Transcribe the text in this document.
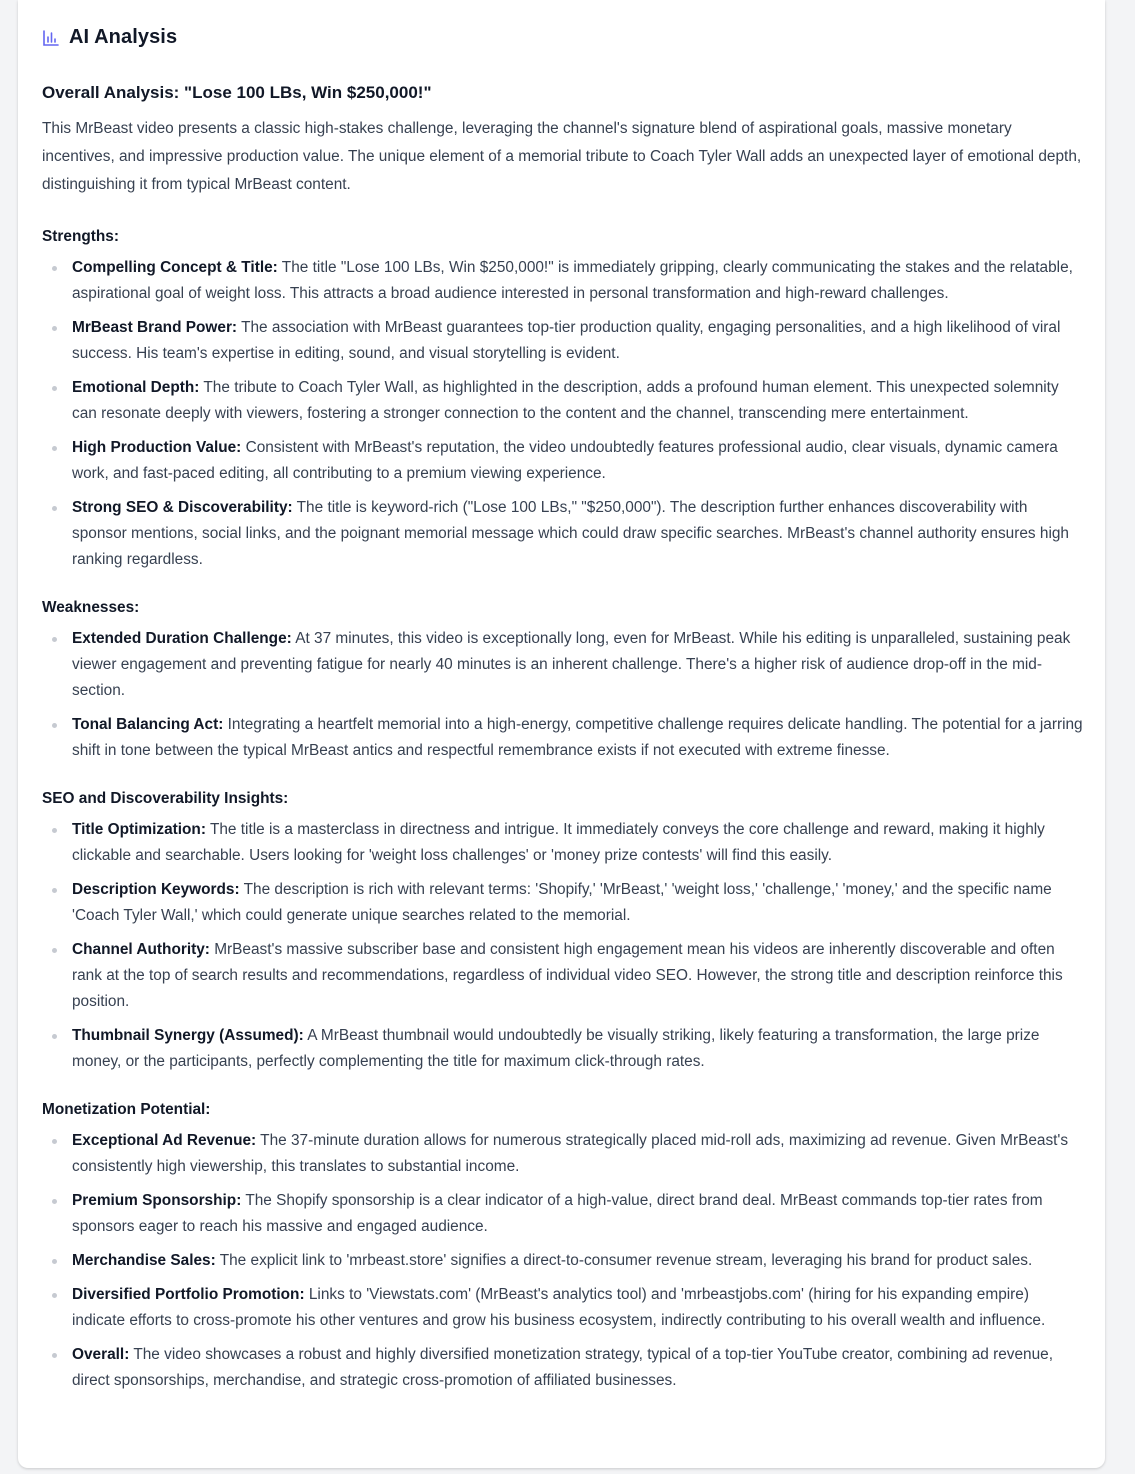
AI Analysis
Overall Analysis: "Lose 100 LBs, Win $250,000!"

This MrBeast video presents a classic high-stakes challenge, leveraging the channel's signature blend of aspirational goals, massive monetary incentives, and impressive production value. The unique element of a memorial tribute to Coach Tyler Wall adds an unexpected layer of emotional depth, distinguishing it from typical MrBeast content.

Strengths:
Compelling Concept & Title: The title "Lose 100 LBs, Win $250,000!" is immediately gripping, clearly communicating the stakes and the relatable, aspirational goal of weight loss. This attracts a broad audience interested in personal transformation and high-reward challenges.
MrBeast Brand Power: The association with MrBeast guarantees top-tier production quality, engaging personalities, and a high likelihood of viral success. His team's expertise in editing, sound, and visual storytelling is evident.
Emotional Depth: The tribute to Coach Tyler Wall, as highlighted in the description, adds a profound human element. This unexpected solemnity can resonate deeply with viewers, fostering a stronger connection to the content and the channel, transcending mere entertainment.
High Production Value: Consistent with MrBeast's reputation, the video undoubtedly features professional audio, clear visuals, dynamic camera work, and fast-paced editing, all contributing to a premium viewing experience.
Strong SEO & Discoverability: The title is keyword-rich ("Lose 100 LBs," "$250,000"). The description further enhances discoverability with sponsor mentions, social links, and the poignant memorial message which could draw specific searches. MrBeast's channel authority ensures high ranking regardless.
Weaknesses:
Extended Duration Challenge: At 37 minutes, this video is exceptionally long, even for MrBeast. While his editing is unparalleled, sustaining peak viewer engagement and preventing fatigue for nearly 40 minutes is an inherent challenge. There's a higher risk of audience drop-off in the mid-section.
Tonal Balancing Act: Integrating a heartfelt memorial into a high-energy, competitive challenge requires delicate handling. The potential for a jarring shift in tone between the typical MrBeast antics and respectful remembrance exists if not executed with extreme finesse.
SEO and Discoverability Insights:
Title Optimization: The title is a masterclass in directness and intrigue. It immediately conveys the core challenge and reward, making it highly clickable and searchable. Users looking for 'weight loss challenges' or 'money prize contests' will find this easily.
Description Keywords: The description is rich with relevant terms: 'Shopify,' 'MrBeast,' 'weight loss,' 'challenge,' 'money,' and the specific name 'Coach Tyler Wall,' which could generate unique searches related to the memorial.
Channel Authority: MrBeast's massive subscriber base and consistent high engagement mean his videos are inherently discoverable and often rank at the top of search results and recommendations, regardless of individual video SEO. However, the strong title and description reinforce this position.
Thumbnail Synergy (Assumed): A MrBeast thumbnail would undoubtedly be visually striking, likely featuring a transformation, the large prize money, or the participants, perfectly complementing the title for maximum click-through rates.
Monetization Potential:
Exceptional Ad Revenue: The 37-minute duration allows for numerous strategically placed mid-roll ads, maximizing ad revenue. Given MrBeast's consistently high viewership, this translates to substantial income.
Premium Sponsorship: The Shopify sponsorship is a clear indicator of a high-value, direct brand deal. MrBeast commands top-tier rates from sponsors eager to reach his massive and engaged audience.
Merchandise Sales: The explicit link to 'mrbeast.store' signifies a direct-to-consumer revenue stream, leveraging his brand for product sales.
Diversified Portfolio Promotion: Links to 'Viewstats.com' (MrBeast's analytics tool) and 'mrbeastjobs.com' (hiring for his expanding empire) indicate efforts to cross-promote his other ventures and grow his business ecosystem, indirectly contributing to his overall wealth and influence.
Overall: The video showcases a robust and highly diversified monetization strategy, typical of a top-tier YouTube creator, combining ad revenue, direct sponsorships, merchandise, and strategic cross-promotion of affiliated businesses.
